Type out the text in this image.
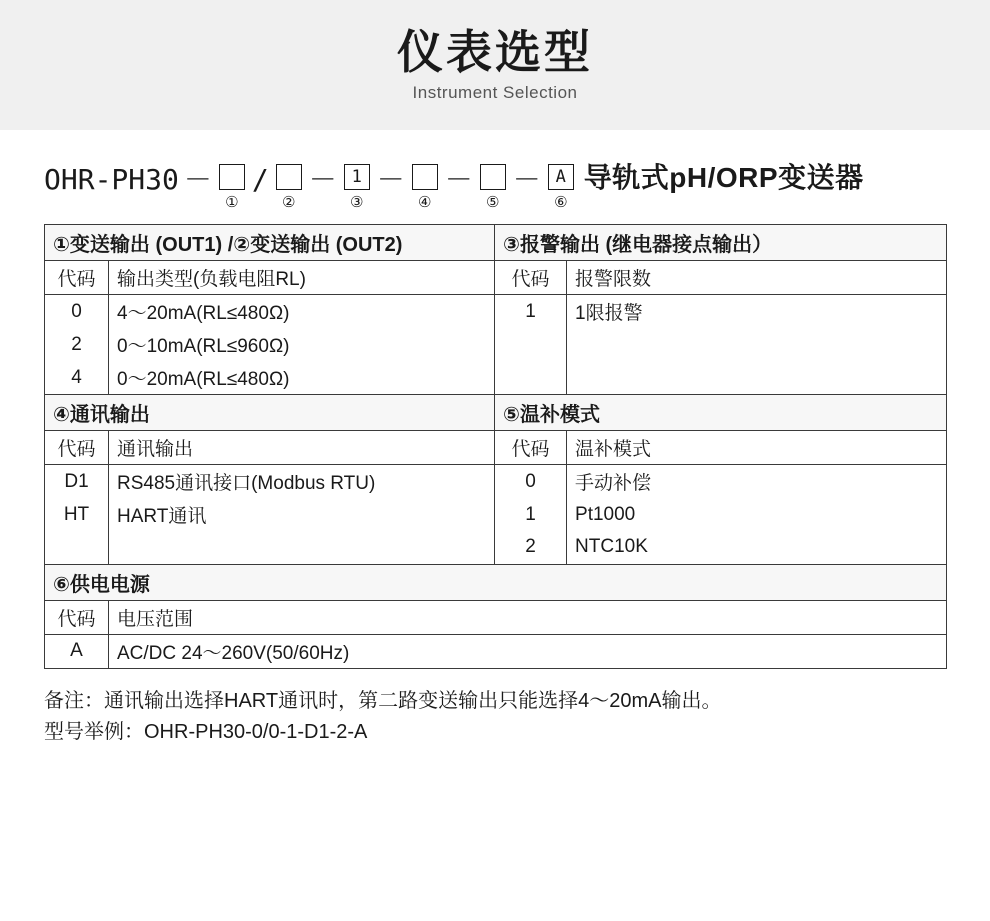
仪表选型
Instrument Selection
OHR-PH30 －
①
/
②
－ 1
③
－
④
－
⑤
－ A
⑥
导轨式pH/ORP变送器
①变送输出 (OUT1) /②变送输出 (OUT2)		③报警输出 (继电器接点输出）	
代码	输出类型(负载电阻RL)	代码	报警限数
0	4～20mA(RL≤480Ω)	1	1限报警
2	0～10mA(RL≤960Ω)		
4	0～20mA(RL≤480Ω)		
④通讯输出		⑤温补模式	
代码	通讯输出	代码	温补模式
D1	RS485通讯接口(Modbus RTU)	0	手动补偿
HT	HART通讯	1	Pt1000
		2	NTC10K
⑥供电电源			
代码	电压范围		
A	AC/DC 24～260V(50/60Hz)		
备注：通讯输出选择HART通讯时，第二路变送输出只能选择4～20mA输出。
型号举例：OHR-PH30-0/0-1-D1-2-A
